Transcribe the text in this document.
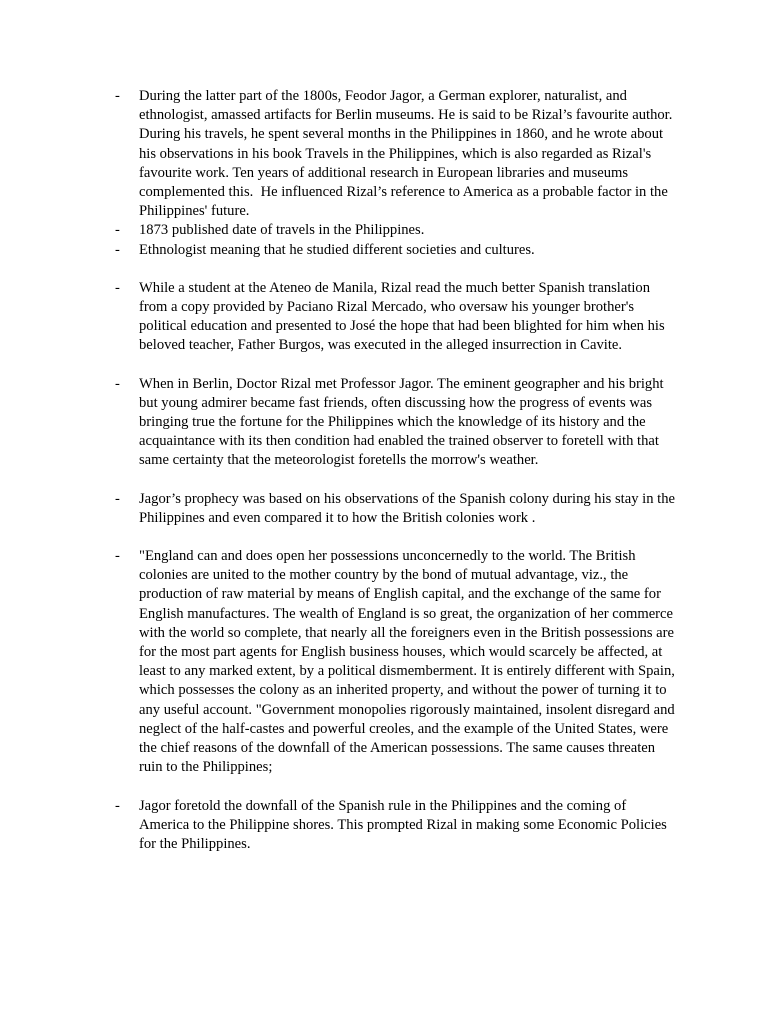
-	During the latter part of the 1800s, Feodor Jagor, a German explorer, naturalist, and ethnologist, amassed artifacts for Berlin museums. He is said to be Rizal’s favourite author. During his travels, he spent several months in the Philippines in 1860, and he wrote about his observations in his book Travels in the Philippines, which is also regarded as Rizal's favourite work. Ten years of additional research in European libraries and museums complemented this.  He influenced Rizal’s reference to America as a probable factor in the Philippines' future.
-	1873 published date of travels in the Philippines.
-	Ethnologist meaning that he studied different societies and cultures.
-	While a student at the Ateneo de Manila, Rizal read the much better Spanish translation from a copy provided by Paciano Rizal Mercado, who oversaw his younger brother's political education and presented to José the hope that had been blighted for him when his beloved teacher, Father Burgos, was executed in the alleged insurrection in Cavite.
-	When in Berlin, Doctor Rizal met Professor Jagor. The eminent geographer and his bright but young admirer became fast friends, often discussing how the progress of events was bringing true the fortune for the Philippines which the knowledge of its history and the acquaintance with its then condition had enabled the trained observer to foretell with that same certainty that the meteorologist foretells the morrow's weather.
-	Jagor’s prophecy was based on his observations of the Spanish colony during his stay in the Philippines and even compared it to how the British colonies work .
-	"England can and does open her possessions unconcernedly to the world. The British colonies are united to the mother country by the bond of mutual advantage, viz., the production of raw material by means of English capital, and the exchange of the same for English manufactures. The wealth of England is so great, the organization of her commerce with the world so complete, that nearly all the foreigners even in the British possessions are for the most part agents for English business houses, which would scarcely be affected, at least to any marked extent, by a political dismemberment. It is entirely different with Spain, which possesses the colony as an inherited property, and without the power of turning it to any useful account. "Government monopolies rigorously maintained, insolent disregard and neglect of the half-castes and powerful creoles, and the example of the United States, were the chief reasons of the downfall of the American possessions. The same causes threaten ruin to the Philippines;
-	Jagor foretold the downfall of the Spanish rule in the Philippines and the coming of America to the Philippine shores. This prompted Rizal in making some Economic Policies for the Philippines.
